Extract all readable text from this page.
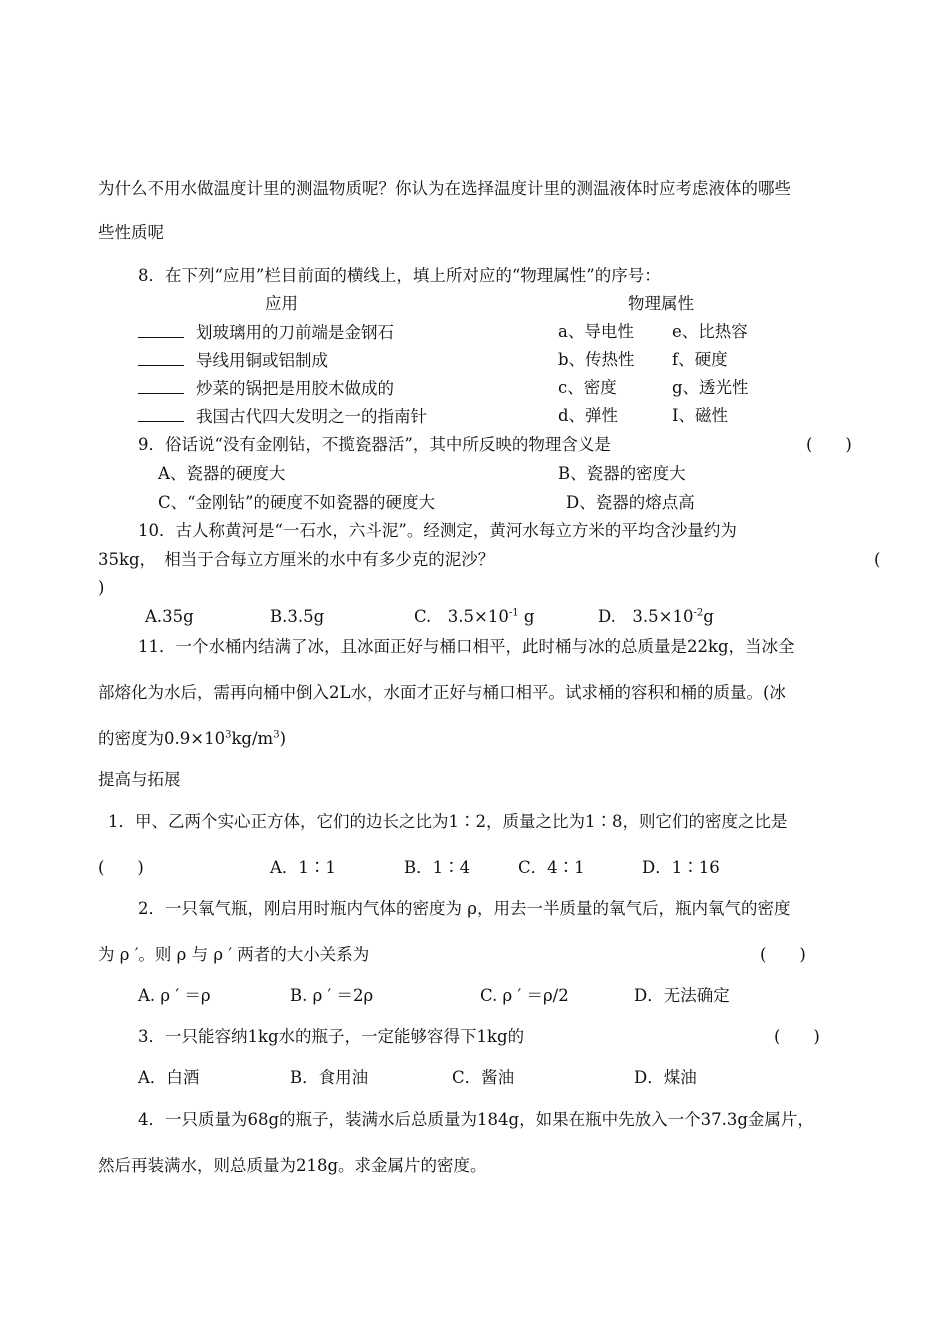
为什么不用水做温度计里的测温物质呢？你认为在选择温度计里的测温液体时应考虑液体的哪些
些性质呢
8．在下列“应用”栏目前面的横线上，填上所对应的“物理属性”的序号：
应用	物理属性
划玻璃用的刀前端是金钢石	a、导电性 e、比热容
导线用铜或铝制成	b、传热性 f、硬度
炒菜的锅把是用胶木做成的	c、密度	g、透光性
我国古代四大发明之一的指南针	d、弹性	I、磁性
9．俗话说“没有金刚钻，不揽瓷器活”，其中所反映的物理含义是	(　　)
A、瓷器的硬度大	B、瓷器的密度大
C、“金刚钻”的硬度不如瓷器的硬度大	D、瓷器的熔点高
10．古人称黄河是“一石水，六斗泥”。经测定，黄河水每立方米的平均含沙量约为
35kg，　相当于合每立方厘米的水中有多少克的泥沙？	(
)
A.35g	B.3.5g	C.　$3.5\times 10^{-1}$ g	D.　$3.5\times 10^{-2}g$
11．一个水桶内结满了冰，且冰面正好与桶口相平，此时桶与冰的总质量是22kg，当冰全
部熔化为水后，需再向桶中倒入2L水，水面才正好与桶口相平。试求桶的容积和桶的质量。(冰
的密度为$0.9\times 10^3kg/m^3$)
提高与拓展
1．甲、乙两个实心正方体，它们的边长之比为1∶2，质量之比为1∶8，则它们的密度之比是
(　　)	A．1∶1	B．1∶4	C．4∶1	D．1∶16
2．一只氧气瓶，刚启用时瓶内气体的密度为 ρ，用去一半质量的氧气后，瓶内氧气的密度
为 ρ ′。则 ρ 与 ρ ′ 两者的大小关系为	(　　)
A. ρ ′ ＝ρ	B. ρ ′ ＝2ρ	C. ρ ′ ＝ρ/2	D．无法确定
3．一只能容纳1kg水的瓶子，一定能够容得下1kg的	(　　)
A．白酒	B．食用油	C．酱油	D．煤油
4．一只质量为68g的瓶子，装满水后总质量为184g，如果在瓶中先放入一个37.3g金属片，
然后再装满水，则总质量为218g。求金属片的密度。
